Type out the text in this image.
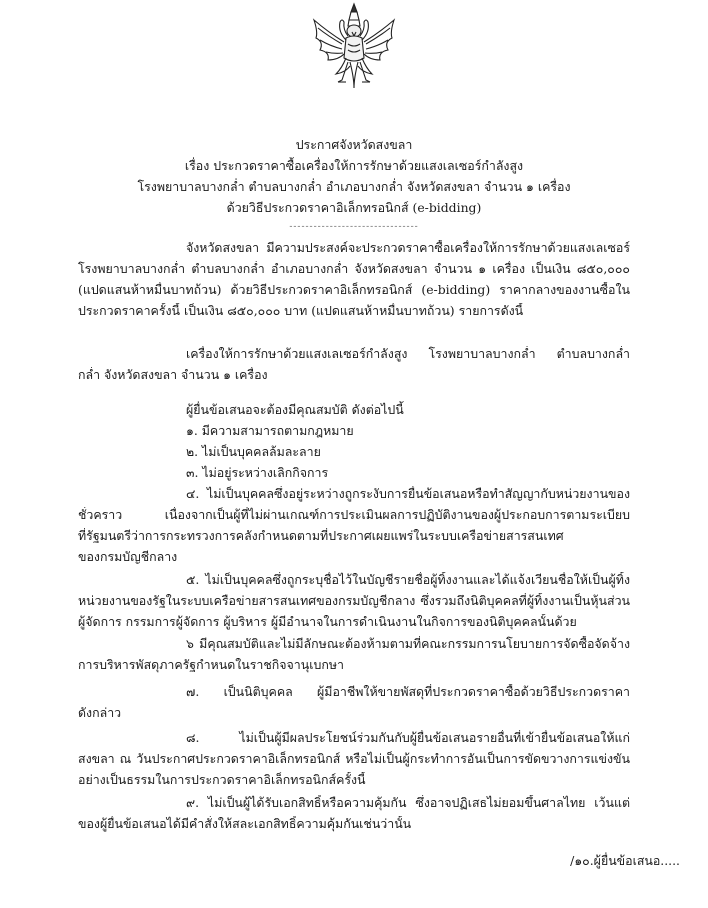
ประกาศจังหวัดสงขลา
เรื่อง ประกวดราคาซื้อเครื่องให้การรักษาด้วยแสงเลเซอร์กำลังสูง
โรงพยาบาลบางกล่ำ ตำบลบางกล่ำ อำเภอบางกล่ำ จังหวัดสงขลา จำนวน ๑ เครื่อง
ด้วยวิธีประกวดราคาอิเล็กทรอนิกส์ (e-bidding)
--------------------------------
จังหวัดสงขลา มีความประสงค์จะประกวดราคาซื้อเครื่องให้การรักษาด้วยแสงเลเซอร์
โรงพยาบาลบางกล่ำ ตำบลบางกล่ำ อำเภอบางกล่ำ จังหวัดสงขลา จำนวน ๑ เครื่อง เป็นเงิน ๘๕๐,๐๐๐
(แปดแสนห้าหมื่นบาทถ้วน) ด้วยวิธีประกวดราคาอิเล็กทรอนิกส์ (e-bidding) ราคากลางของงานซื้อใน
ประกวดราคาครั้งนี้ เป็นเงิน ๘๕๐,๐๐๐ บาท (แปดแสนห้าหมื่นบาทถ้วน) รายการดังนี้
เครื่องให้การรักษาด้วยแสงเลเซอร์กำลังสูง โรงพยาบาลบางกล่ำ ตำบลบางกล่ำ
กล่ำ จังหวัดสงขลา จำนวน ๑ เครื่อง
ผู้ยื่นข้อเสนอจะต้องมีคุณสมบัติ ดังต่อไปนี้
๑. มีความสามารถตามกฎหมาย
๒. ไม่เป็นบุคคลล้มละลาย
๓. ไม่อยู่ระหว่างเลิกกิจการ
๔. ไม่เป็นบุคคลซึ่งอยู่ระหว่างถูกระงับการยื่นข้อเสนอหรือทำสัญญากับหน่วยงานของ
ชั่วคราว เนื่องจากเป็นผู้ที่ไม่ผ่านเกณฑ์การประเมินผลการปฏิบัติงานของผู้ประกอบการตามระเบียบ
ที่รัฐมนตรีว่าการกระทรวงการคลังกำหนดตามที่ประกาศเผยแพร่ในระบบเครือข่ายสารสนเทศ
ของกรมบัญชีกลาง
๕. ไม่เป็นบุคคลซึ่งถูกระบุชื่อไว้ในบัญชีรายชื่อผู้ทิ้งงานและได้แจ้งเวียนชื่อให้เป็นผู้ทิ้ง
หน่วยงานของรัฐในระบบเครือข่ายสารสนเทศของกรมบัญชีกลาง ซึ่งรวมถึงนิติบุคคลที่ผู้ทิ้งงานเป็นหุ้นส่วน
ผู้จัดการ กรรมการผู้จัดการ ผู้บริหาร ผู้มีอำนาจในการดำเนินงานในกิจการของนิติบุคคลนั้นด้วย
๖ มีคุณสมบัติและไม่มีลักษณะต้องห้ามตามที่คณะกรรมการนโยบายการจัดซื้อจัดจ้าง
การบริหารพัสดุภาครัฐกำหนดในราชกิจจานุเบกษา
๗. เป็นนิติบุคคล ผู้มีอาชีพให้ขายพัสดุที่ประกวดราคาซื้อด้วยวิธีประกวดราคา
ดังกล่าว
๘. ไม่เป็นผู้มีผลประโยชน์ร่วมกันกับผู้ยื่นข้อเสนอรายอื่นที่เข้ายื่นข้อเสนอให้แก่
สงขลา ณ วันประกาศประกวดราคาอิเล็กทรอนิกส์ หรือไม่เป็นผู้กระทำการอันเป็นการขัดขวางการแข่งขัน
อย่างเป็นธรรมในการประกวดราคาอิเล็กทรอนิกส์ครั้งนี้
๙. ไม่เป็นผู้ได้รับเอกสิทธิ์หรือความคุ้มกัน ซึ่งอาจปฏิเสธไม่ยอมขึ้นศาลไทย เว้นแต่
ของผู้ยื่นข้อเสนอได้มีคำสั่งให้สละเอกสิทธิ์ความคุ้มกันเช่นว่านั้น
/๑๐.ผู้ยื่นข้อเสนอ.....
